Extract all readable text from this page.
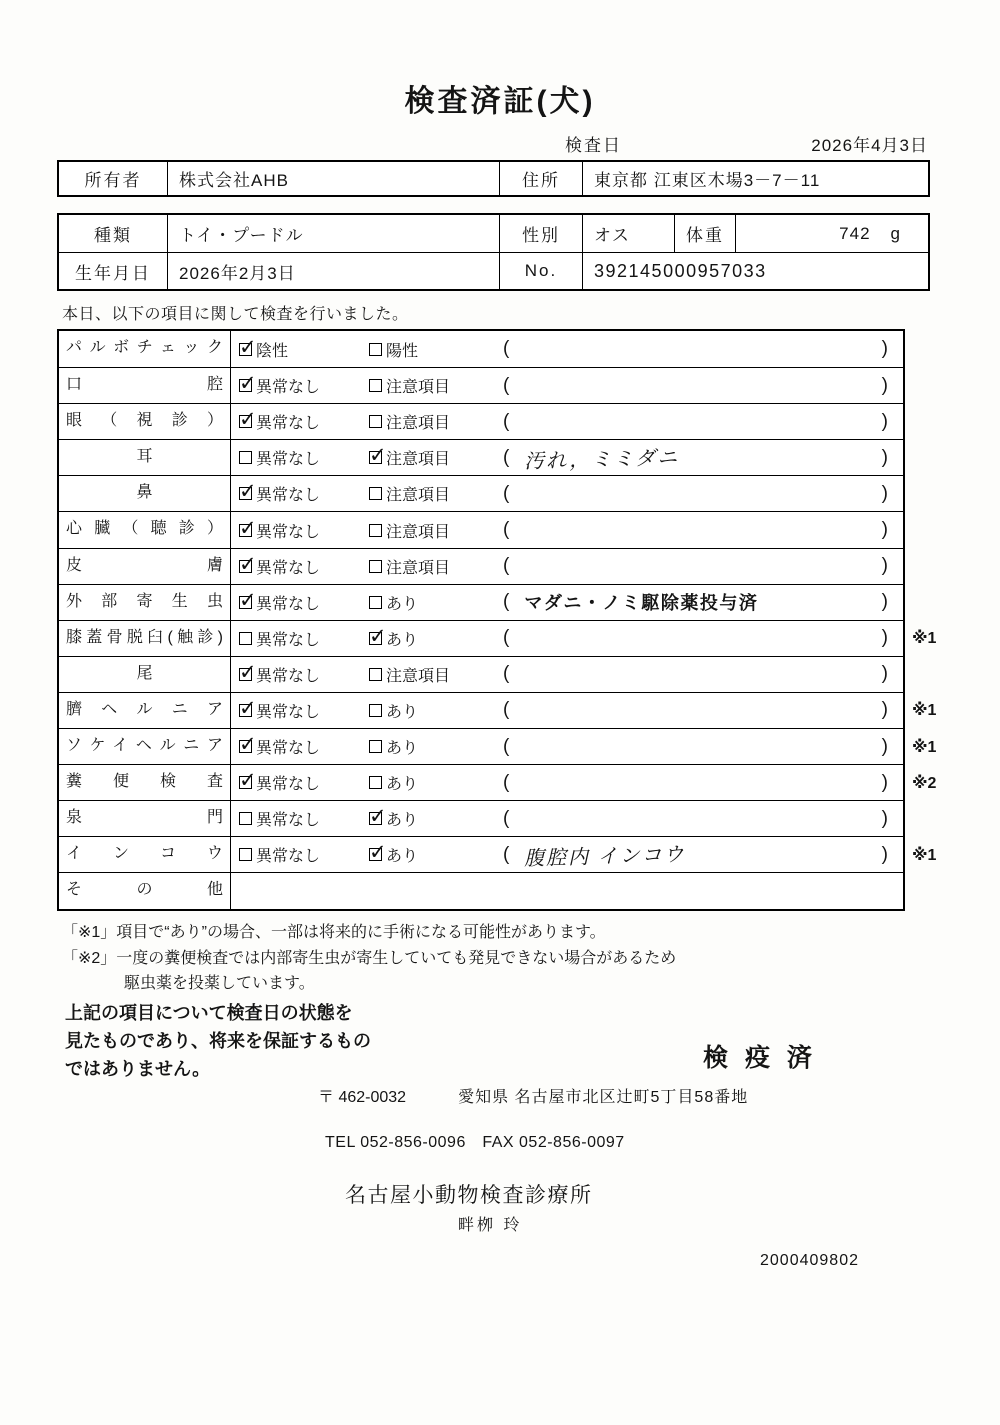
検査済証(犬)
検査日	2026年4月3日
所有者	株式会社AHB	住所	東京都 江東区木場3－7－11
種類	トイ・プードル	性別	オス	体重	742 g
生年月日	2026年2月3日	No.	392145000957033
本日、以下の項目に関して検査を行いました。
パルボチェック ✓	陰性	陽性	(	)
口腔 ✓	異常なし	注意項目	(	)
眼（視診） ✓	異常なし	注意項目	(	)
耳	異常なし ✓	注意項目	( 汚れ，ミミダニ	)
鼻 ✓	異常なし	注意項目	(	)
心臓（聴診） ✓	異常なし	注意項目	(	)
皮膚 ✓	異常なし	注意項目	(	)
外部寄生虫 ✓	異常なし	あり	( マダニ・ノミ駆除薬投与済	)
膝蓋骨脱臼(触診)	異常なし ✓	あり	(	) ※1
尾 ✓	異常なし	注意項目	(	)
臍ヘルニア ✓	異常なし	あり	(	) ※1
ソケイヘルニア ✓	異常なし	あり	(	) ※1
糞便検査 ✓	異常なし	あり	(	) ※2
泉門	異常なし ✓	あり	(	)
インコウ	異常なし ✓	あり	( 腹腔内 インコウ	) ※1
その他
「※1」項目で“あり”の場合、一部は将来的に手術になる可能性があります。
「※2」一度の糞便検査では内部寄生虫が寄生していても発見できない場合があるため
駆虫薬を投薬しています。
上記の項目について検査日の状態を
見たものであり、将来を保証するもの
ではありません。	検 疫 済
〒 462-0032	愛知県 名古屋市北区辻町5丁目58番地
TEL 052-856-0096　FAX 052-856-0097
名古屋小動物検査診療所
畔栁 玲
2000409802
